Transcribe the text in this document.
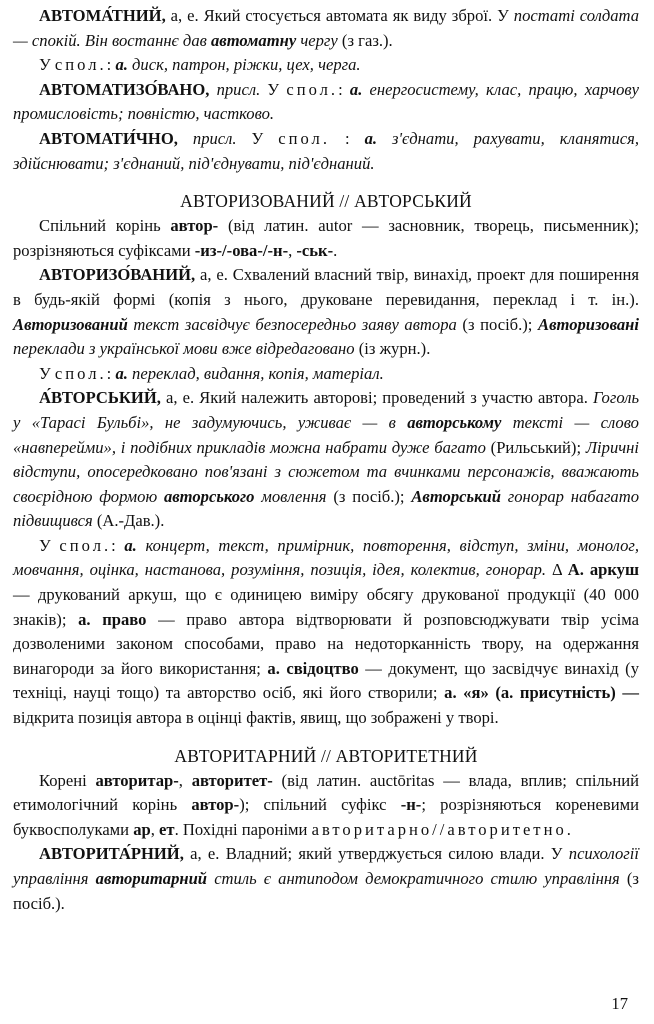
АВТОМА́ТНИЙ, а, е. Який стосується автомата як виду зброї. У постаті солдата — спокій. Він востаннє дав автоматну чергу (з газ.).

У спол.: а. диск, патрон, ріжки, цех, черга.

АВТОМАТИЗО́ВАНО, присл. У спол.: а. енергосистему, клас, працю, харчову промисловість; повністю, частково.

АВТОМАТИ́ЧНО, присл. У спол. : а. з'єднати, рахувати, кланятися, здійснювати; з'єднаний, під'єднувати, під'єднаний.

АВТОРИЗОВАНИЙ // АВТОРСЬКИЙ

Спільний корінь автор- (від латин. autor — засновник, творець, письменник); розрізняються суфіксами -из-/-ова-/-н-, -ськ-.

АВТОРИЗО́ВАНИЙ, а, е. Схвалений власний твір, винахід, проект для поширення в будь-якій формі (копія з нього, друковане перевидання, переклад і т. ін.). Авторизований текст засвідчує безпосередньо заяву автора (з посіб.); Авторизовані переклади з української мови вже відредаговано (із журн.).

У спол.: а. переклад, видання, копія, матеріал.

А́ВТОРСЬКИЙ, а, е. Який належить авторові; проведений з участю автора. Гоголь у «Тарасі Бульбі», не задумуючись, уживає — в авторському тексті — слово «навперейми», і подібних прикладів можна набрати дуже багато (Рильський); Ліричні відступи, опосередковано пов'язані з сюжетом та вчинками персонажів, вважають своєрідною формою авторського мовлення (з посіб.); Авторський гонорар набагато підвищився (А.-Дав.).

У спол.: а. концерт, текст, примірник, повторення, відступ, зміни, монолог, мовчання, оцінка, настанова, розуміння, позиція, ідея, колектив, гонорар. Δ А. аркуш — друкований аркуш, що є одиницею виміру обсягу друкованої продукції (40 000 знаків); а. право — право автора відтворювати й розповсюджувати твір усіма дозволеними законом способами, право на недоторканність твору, на одержання винагороди за його використання; а. свідоцтво — документ, що засвідчує винахід (у техніці, науці тощо) та авторство осіб, які його створили; а. «я» (а. присутність) — відкрита позиція автора в оцінці фактів, явищ, що зображені у творі.

АВТОРИТАРНИЙ // АВТОРИТЕТНИЙ

Корені авторитар-, авторитет- (від латин. auctōritas — влада, вплив; спільний етимологічний корінь автор-); спільний суфікс -н-; розрізняються кореневими буквосполуками ар, ет. Похідні пароніми авторитарно//авторитетно.

АВТОРИТА́РНИЙ, а, е. Владний; який утверджується силою влади. У психології управління авторитарний стиль є антиподом демократичного стилю управління (з посіб.).

17
